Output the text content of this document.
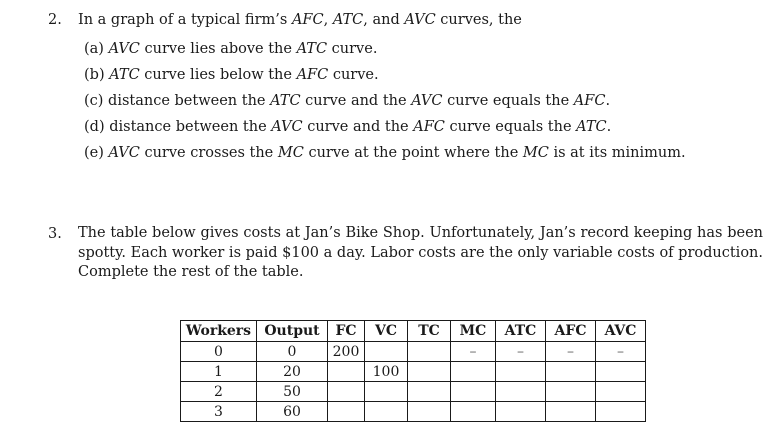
2.	In a graph of a typical firm’s AFC, ATC, and AVC curves, the
(a) AVC curve lies above the ATC curve.
(b) ATC curve lies below the AFC curve.
(c) distance between the ATC curve and the AVC curve equals the AFC.
(d) distance between the AVC curve and the AFC curve equals the ATC.
(e) AVC curve crosses the MC curve at the point where the MC is at its minimum.
3.	The table below gives costs at Jan’s Bike Shop. Unfortunately, Jan’s record keeping has been spotty. Each worker is paid $100 a day. Labor costs are the only variable costs of production. Complete the rest of the table.
Workers	Output	FC	VC	TC	MC	ATC	AFC	AVC
0	0	200			–	–	–	–
1	20		100					
2	50							
3	60							
